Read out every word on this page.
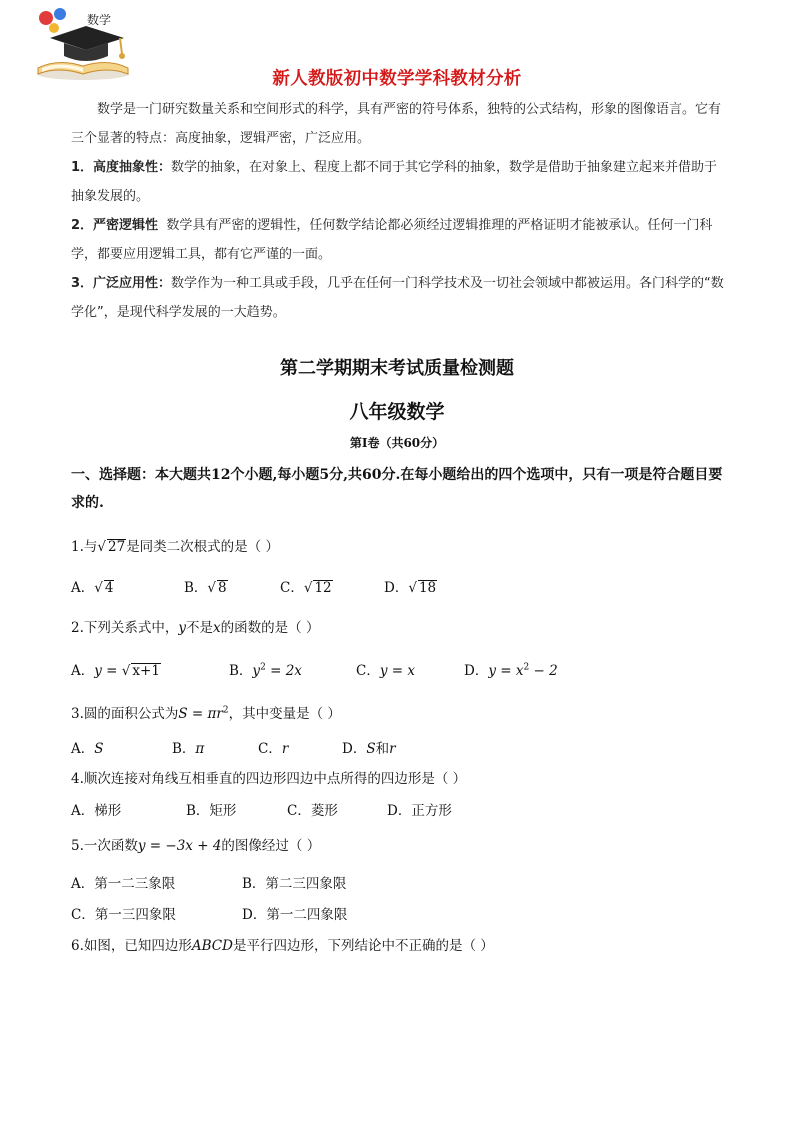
数学
新人教版初中数学学科教材分析

数学是一门研究数量关系和空间形式的科学，具有严密的符号体系，独特的公式结构，形象的图像语言。它有三个显著的特点：高度抽象，逻辑严密，广泛应用。

1．高度抽象性：数学的抽象，在对象上、程度上都不同于其它学科的抽象，数学是借助于抽象建立起来并借助于抽象发展的。

2．严密逻辑性 数学具有严密的逻辑性，任何数学结论都必须经过逻辑推理的严格证明才能被承认。任何一门科学，都要应用逻辑工具，都有它严谨的一面。

3．广泛应用性：数学作为一种工具或手段，几乎在任何一门科学技术及一切社会领域中都被运用。各门科学的“数学化”，是现代科学发展的一大趋势。

第二学期期末考试质量检测题
八年级数学
第Ⅰ卷（共60分）
一、选择题：本大题共12个小题,每小题5分,共60分.在每小题给出的四个选项中，只有一项是符合题目要求的.
1.与√ 27是同类二次根式的是（ ）
A．√ 4	B．√ 8	C．√ 12	D．√ 18
2.下列关系式中，y不是x的函数的是（ ）
A．y = √ x+1	B．$y^2 = 2x$	C．y = x	D．$y = x^2 - 2$
3.圆的面积公式为$S = \pi r^2$，其中变量是（ ）
A．S	B．π	C．r	D．S和r
4.顺次连接对角线互相垂直的四边形四边中点所得的四边形是（ ）
A．梯形	B．矩形	C．菱形	D．正方形
5.一次函数y = −3x + 4的图像经过（ ）
A．第一二三象限	B．第二三四象限
C．第一三四象限	D．第一二四象限
6.如图，已知四边形ABCD是平行四边形，下列结论中不正确的是（ ）
